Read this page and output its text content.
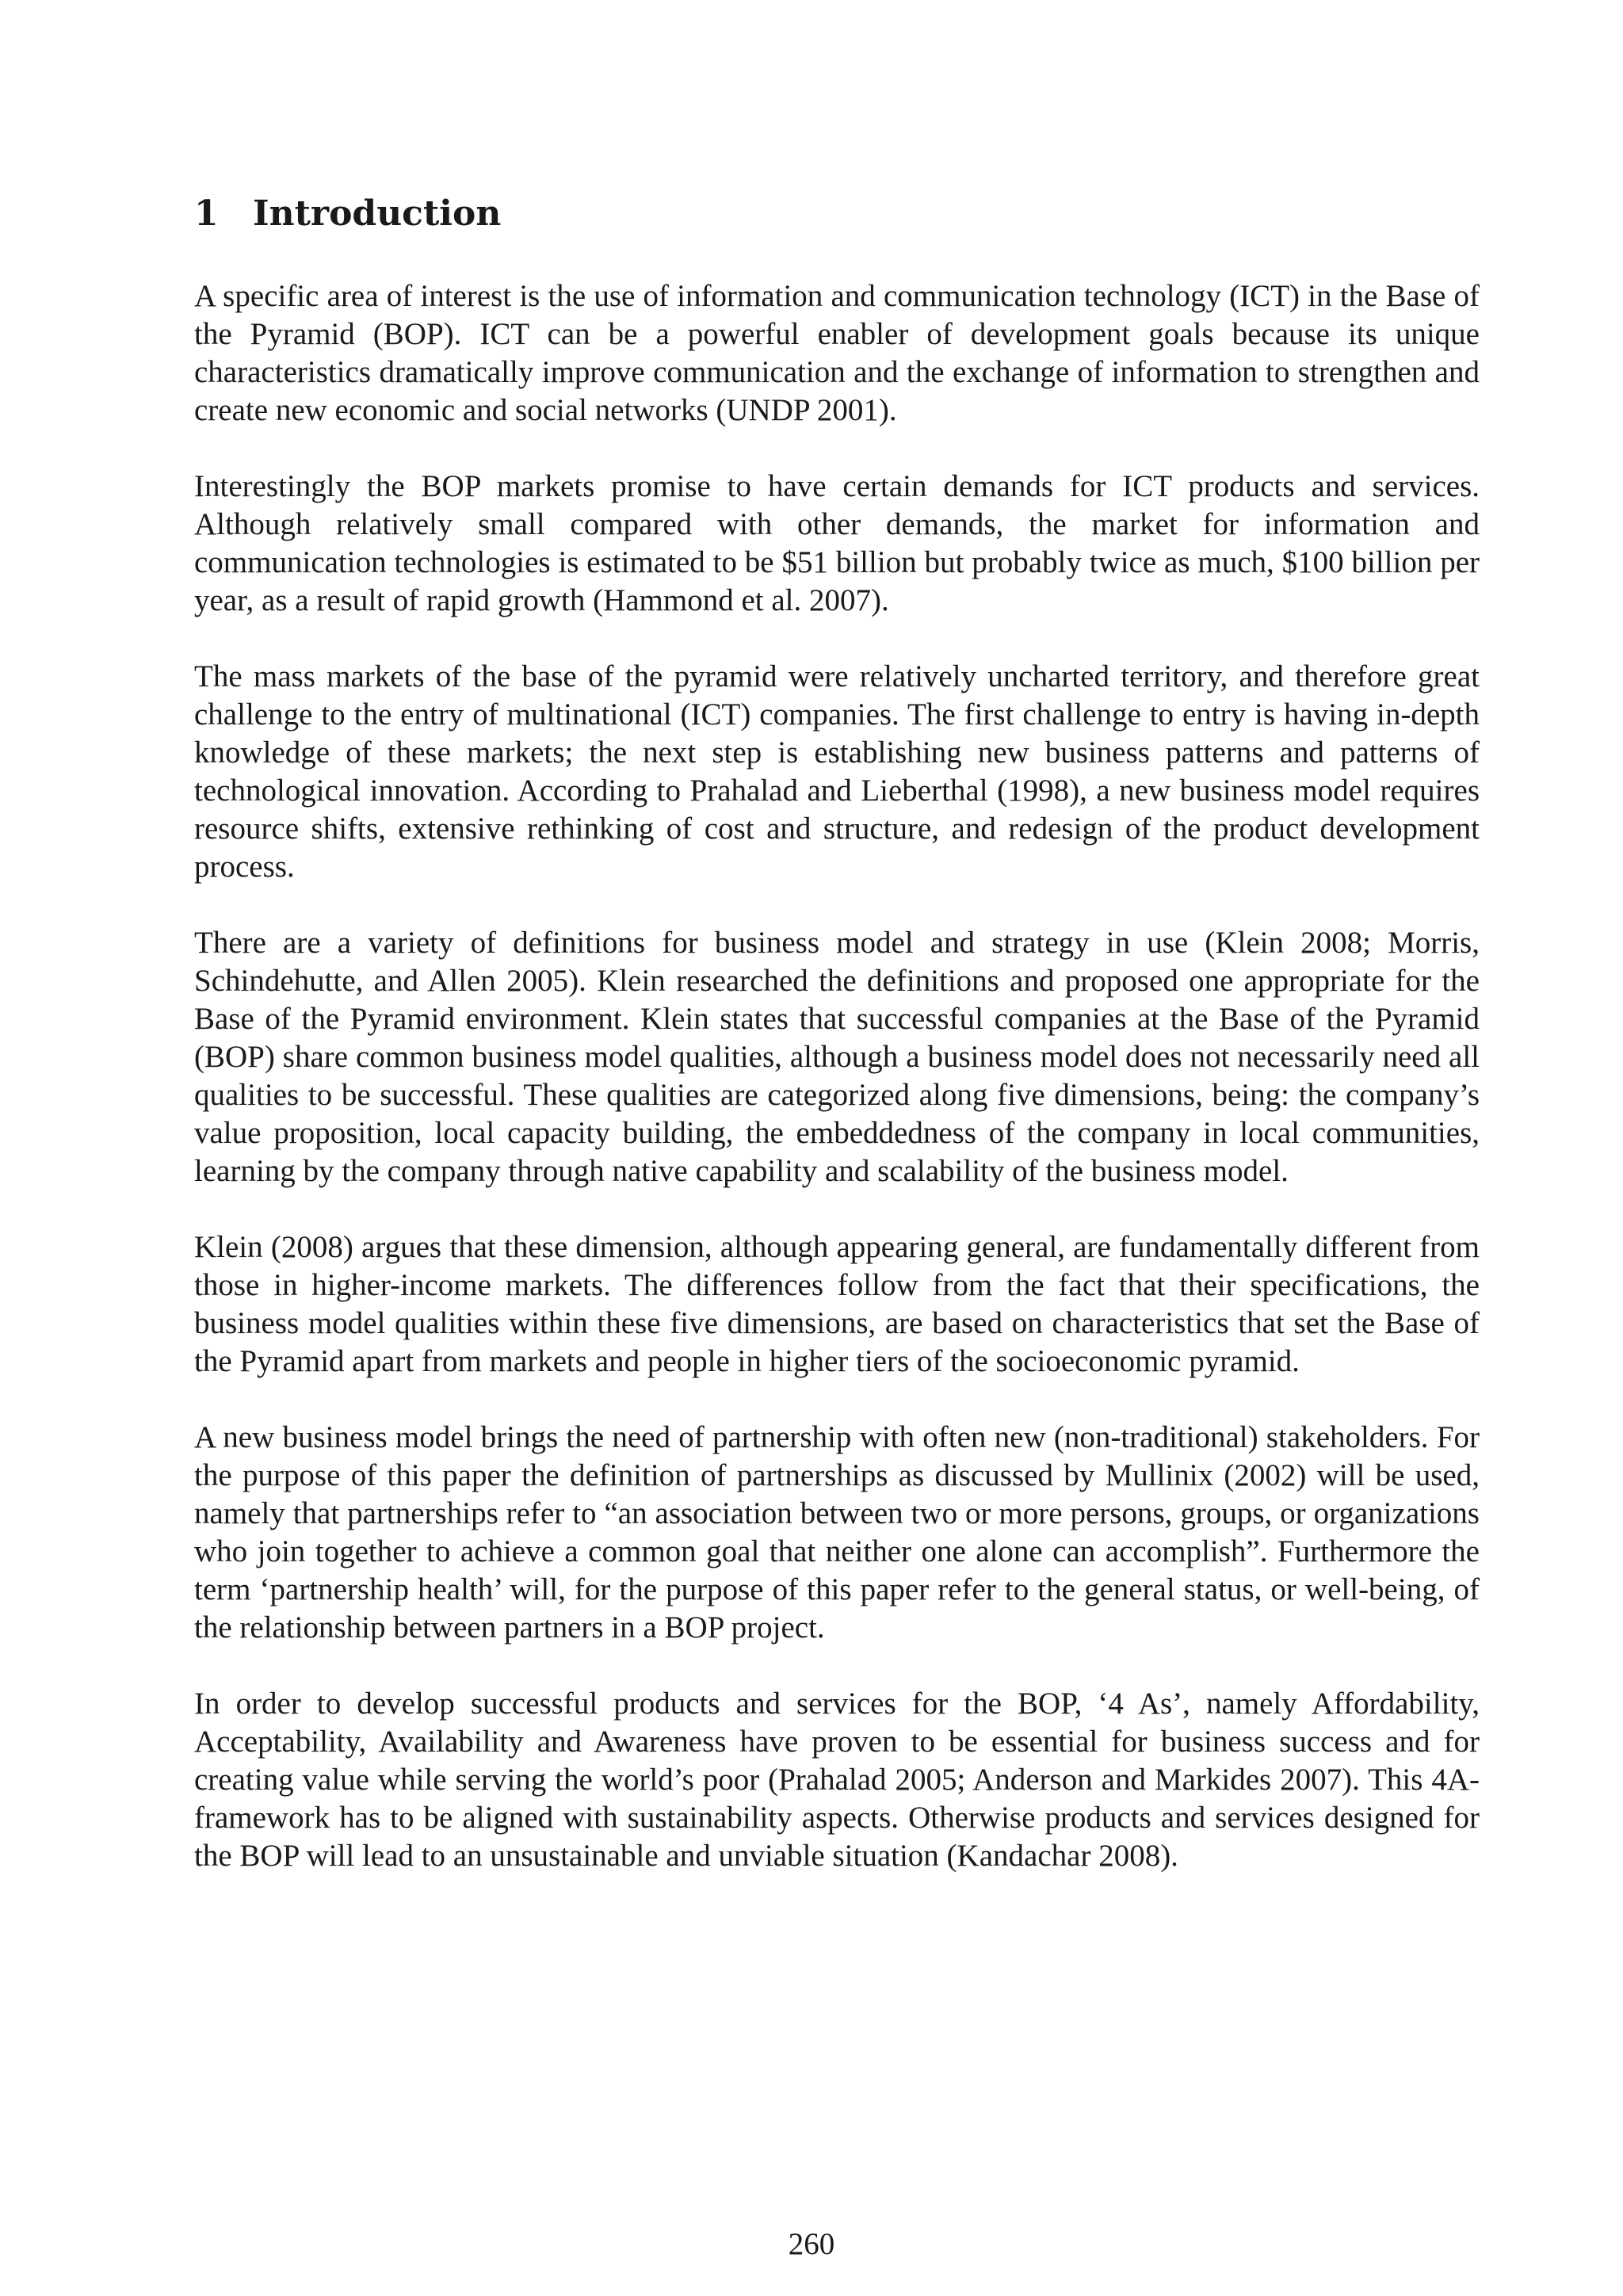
1 Introduction

A specific area of interest is the use of information and communication technology (ICT) in the Base of the Pyramid (BOP). ICT can be a powerful enabler of development goals because its unique characteristics dramatically improve communication and the exchange of information to strengthen and create new economic and social networks (UNDP 2001).

Interestingly the BOP markets promise to have certain demands for ICT products and services. Although relatively small compared with other demands, the market for information and communication technologies is estimated to be $51 billion but probably twice as much, $100 billion per year, as a result of rapid growth (Hammond et al. 2007).

The mass markets of the base of the pyramid were relatively uncharted territory, and therefore great challenge to the entry of multinational (ICT) companies. The first challenge to entry is having in-depth knowledge of these markets; the next step is establishing new business patterns and patterns of technological innovation. According to Prahalad and Lieberthal (1998), a new business model requires resource shifts, extensive rethinking of cost and structure, and redesign of the product development process.

There are a variety of definitions for business model and strategy in use (Klein 2008; Morris, Schindehutte, and Allen 2005). Klein researched the definitions and proposed one appropriate for the Base of the Pyramid environment. Klein states that successful companies at the Base of the Pyramid (BOP) share common business model qualities, although a business model does not necessarily need all qualities to be successful. These qualities are categorized along five dimensions, being: the company’s value proposition, local capacity building, the embeddedness of the company in local communities, learning by the company through native capability and scalability of the business model.

Klein (2008) argues that these dimension, although appearing general, are fundamentally different from those in higher-income markets. The differences follow from the fact that their specifications, the business model qualities within these five dimensions, are based on characteristics that set the Base of the Pyramid apart from markets and people in higher tiers of the socioeconomic pyramid.

A new business model brings the need of partnership with often new (non-traditional) stakeholders. For the purpose of this paper the definition of partnerships as discussed by Mullinix (2002) will be used, namely that partnerships refer to “an association between two or more persons, groups, or organizations who join together to achieve a common goal that neither one alone can accomplish”. Furthermore the term ‘partnership health’ will, for the purpose of this paper refer to the general status, or well-being, of the relationship between partners in a BOP project.

In order to develop successful products and services for the BOP, ‘4 As’, namely Affordability, Acceptability, Availability and Awareness have proven to be essential for business success and for creating value while serving the world’s poor (Prahalad 2005; Anderson and Markides 2007). This 4A-framework has to be aligned with sustainability aspects. Otherwise products and services designed for the BOP will lead to an unsustainable and unviable situation (Kandachar 2008).

260
